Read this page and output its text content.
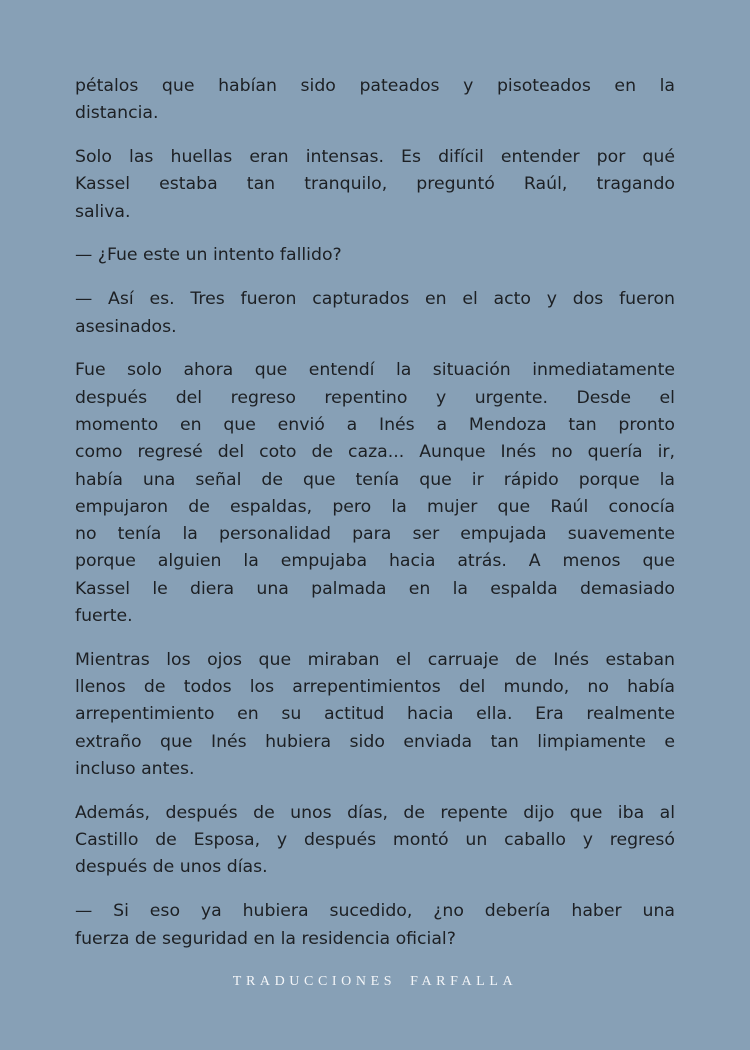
pétalos que habían sido pateados y pisoteados en la
distancia.
Solo las huellas eran intensas. Es difícil entender por qué
Kassel estaba tan tranquilo, preguntó Raúl, tragando
saliva.
— ¿Fue este un intento fallido?
— Así es. Tres fueron capturados en el acto y dos fueron
asesinados.
Fue solo ahora que entendí la situación inmediatamente
después del regreso repentino y urgente. Desde el
momento en que envió a Inés a Mendoza tan pronto
como regresé del coto de caza... Aunque Inés no quería ir,
había una señal de que tenía que ir rápido porque la
empujaron de espaldas, pero la mujer que Raúl conocía
no tenía la personalidad para ser empujada suavemente
porque alguien la empujaba hacia atrás. A menos que
Kassel le diera una palmada en la espalda demasiado
fuerte.
Mientras los ojos que miraban el carruaje de Inés estaban
llenos de todos los arrepentimientos del mundo, no había
arrepentimiento en su actitud hacia ella. Era realmente
extraño que Inés hubiera sido enviada tan limpiamente e
incluso antes.
Además, después de unos días, de repente dijo que iba al
Castillo de Esposa, y después montó un caballo y regresó
después de unos días.
— Si eso ya hubiera sucedido, ¿no debería haber una
fuerza de seguridad en la residencia oficial?
TRADUCCIONES FARFALLA
